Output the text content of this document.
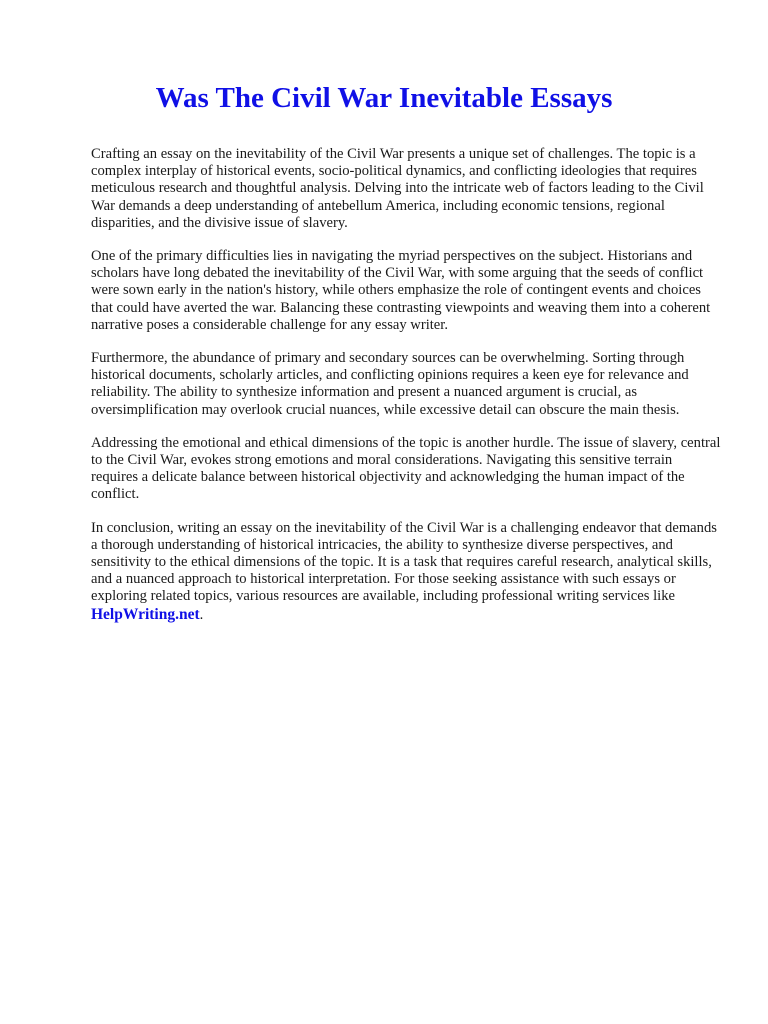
Was The Civil War Inevitable Essays

Crafting an essay on the inevitability of the Civil War presents a unique set of challenges. The topic is a complex interplay of historical events, socio-political dynamics, and conflicting ideologies that requires meticulous research and thoughtful analysis. Delving into the intricate web of factors leading to the Civil War demands a deep understanding of antebellum America, including economic tensions, regional disparities, and the divisive issue of slavery.

One of the primary difficulties lies in navigating the myriad perspectives on the subject. Historians and scholars have long debated the inevitability of the Civil War, with some arguing that the seeds of conflict were sown early in the nation's history, while others emphasize the role of contingent events and choices that could have averted the war. Balancing these contrasting viewpoints and weaving them into a coherent narrative poses a considerable challenge for any essay writer.

Furthermore, the abundance of primary and secondary sources can be overwhelming. Sorting through historical documents, scholarly articles, and conflicting opinions requires a keen eye for relevance and reliability. The ability to synthesize information and present a nuanced argument is crucial, as oversimplification may overlook crucial nuances, while excessive detail can obscure the main thesis.

Addressing the emotional and ethical dimensions of the topic is another hurdle. The issue of slavery, central to the Civil War, evokes strong emotions and moral considerations. Navigating this sensitive terrain requires a delicate balance between historical objectivity and acknowledging the human impact of the conflict.

In conclusion, writing an essay on the inevitability of the Civil War is a challenging endeavor that demands a thorough understanding of historical intricacies, the ability to synthesize diverse perspectives, and sensitivity to the ethical dimensions of the topic. It is a task that requires careful research, analytical skills, and a nuanced approach to historical interpretation. For those seeking assistance with such essays or exploring related topics, various resources are available, including professional writing services like HelpWriting.net.
